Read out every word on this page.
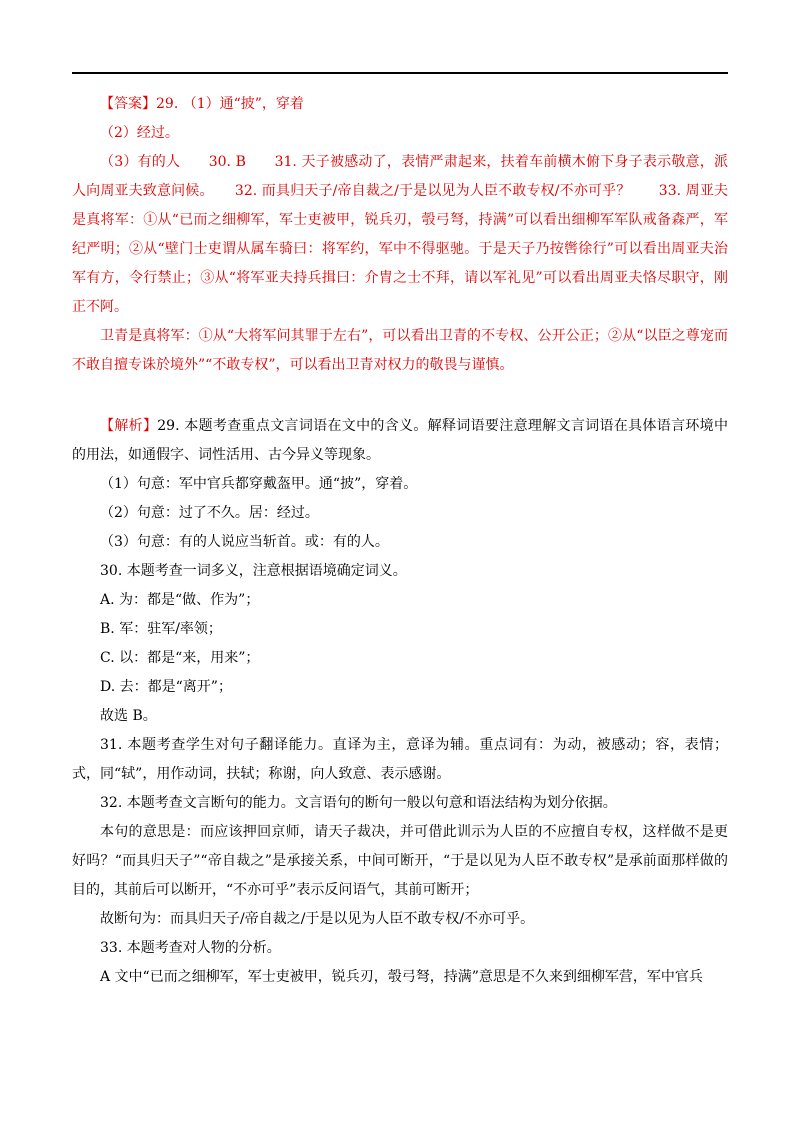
【答案】29. （1）通“披”，穿着

（2）经过。

（3）有的人　　30. B　　31. 天子被感动了，表情严肃起来，扶着车前横木俯下身子表示敬意，派人向周亚夫致意问候。　　32. 而具归天子/帝自裁之/于是以见为人臣不敢专权/不亦可乎？　　33. 周亚夫是真将军：①从“已而之细柳军，军士吏被甲，锐兵刃，彀弓弩，持满”可以看出细柳军军队戒备森严，军纪严明；②从“壁门士吏谓从属车骑曰：将军约，军中不得驱驰。于是天子乃按辔徐行”可以看出周亚夫治军有方，令行禁止；③从“将军亚夫持兵揖曰：介胄之士不拜，请以军礼见”可以看出周亚夫恪尽职守，刚正不阿。

卫青是真将军：①从“大将军问其罪于左右”，可以看出卫青的不专权、公开公正；②从“以臣之尊宠而不敢自擅专诛於境外”“不敢专权”，可以看出卫青对权力的敬畏与谨慎。

【解析】29. 本题考查重点文言词语在文中的含义。解释词语要注意理解文言词语在具体语言环境中的用法，如通假字、词性活用、古今异义等现象。

（1）句意：军中官兵都穿戴盔甲。通“披”，穿着。

（2）句意：过了不久。居：经过。

（3）句意：有的人说应当斩首。或：有的人。

30. 本题考查一词多义，注意根据语境确定词义。

A. 为：都是“做、作为”；

B. 军：驻军/率领；

C. 以：都是“来，用来”；

D. 去：都是“离开”；

故选 B。

31. 本题考查学生对句子翻译能力。直译为主，意译为辅。重点词有：为动，被感动；容，表情；式，同“轼”，用作动词，扶轼；称谢，向人致意、表示感谢。

32. 本题考查文言断句的能力。文言语句的断句一般以句意和语法结构为划分依据。

本句的意思是：而应该押回京师，请天子裁决，并可借此训示为人臣的不应擅自专权，这样做不是更好吗？“而具归天子”“帝自裁之”是承接关系，中间可断开，“于是以见为人臣不敢专权”是承前面那样做的目的，其前后可以断开，“不亦可乎”表示反问语气，其前可断开；

故断句为：而具归天子/帝自裁之/于是以见为人臣不敢专权/不亦可乎。

33. 本题考查对人物的分析。

A 文中“已而之细柳军，军士吏被甲，锐兵刃，彀弓弩，持满”意思是不久来到细柳军营，军中官兵
